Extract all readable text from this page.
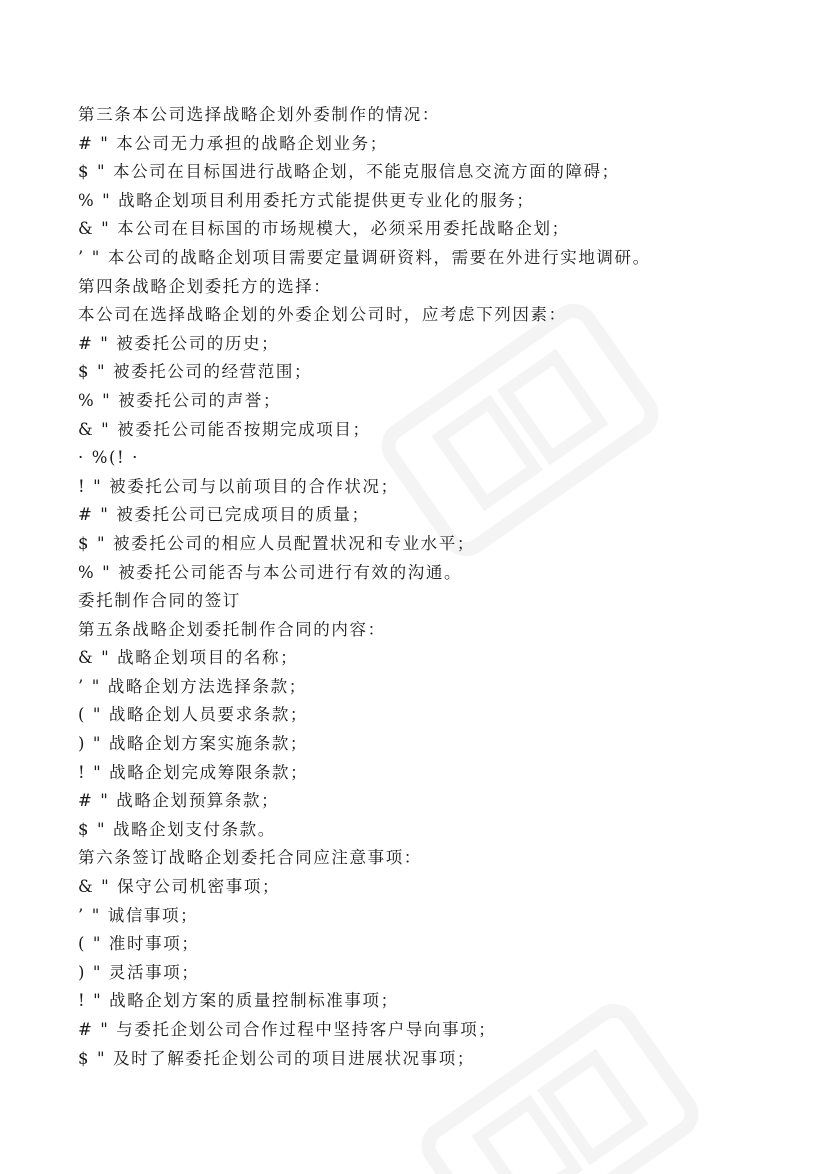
第三条本公司选择战略企划外委制作的情况：
# " 本公司无力承担的战略企划业务；
$ " 本公司在目标国进行战略企划，不能克服信息交流方面的障碍；
% " 战略企划项目利用委托方式能提供更专业化的服务；
& " 本公司在目标国的市场规模大，必须采用委托战略企划；
’ " 本公司的战略企划项目需要定量调研资料，需要在外进行实地调研。
第四条战略企划委托方的选择：
本公司在选择战略企划的外委企划公司时，应考虑下列因素：
# " 被委托公司的历史；
$ " 被委托公司的经营范围；
% " 被委托公司的声誉；
& " 被委托公司能否按期完成项目；
· %(! ·
! " 被委托公司与以前项目的合作状况；
# " 被委托公司已完成项目的质量；
$ " 被委托公司的相应人员配置状况和专业水平；
% " 被委托公司能否与本公司进行有效的沟通。
委托制作合同的签订
第五条战略企划委托制作合同的内容：
& " 战略企划项目的名称；
’ " 战略企划方法选择条款；
( " 战略企划人员要求条款；
) " 战略企划方案实施条款；
! " 战略企划完成筹限条款；
# " 战略企划预算条款；
$ " 战略企划支付条款。
第六条签订战略企划委托合同应注意事项：
& " 保守公司机密事项；
’ " 诚信事项；
( " 准时事项；
) " 灵活事项；
! " 战略企划方案的质量控制标准事项；
# " 与委托企划公司合作过程中坚持客户导向事项；
$ " 及时了解委托企划公司的项目进展状况事项；
